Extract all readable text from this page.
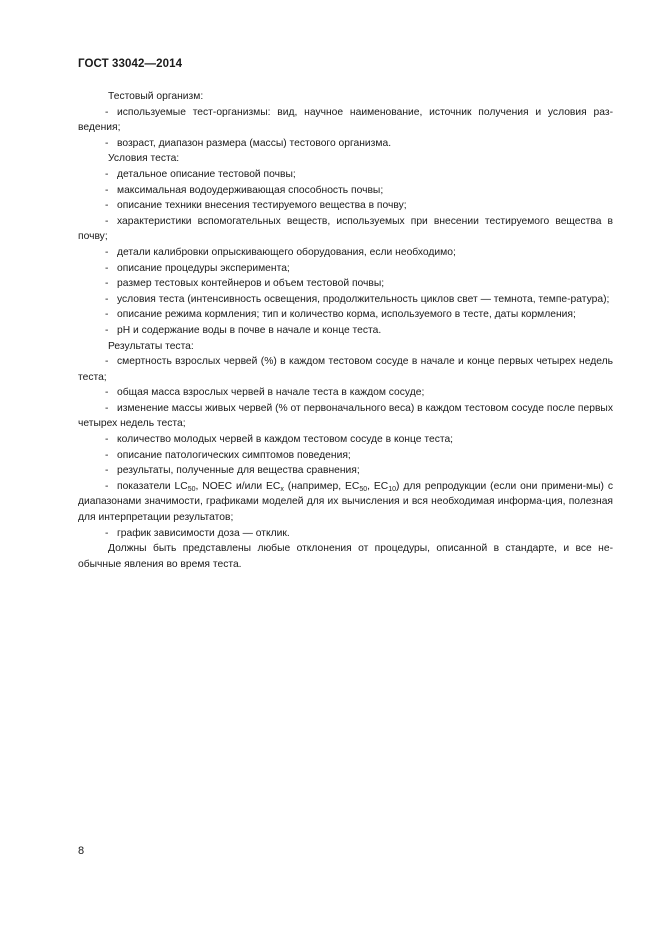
ГОСТ 33042—2014

Тестовый организм:

- используемые тест-организмы: вид, научное наименование, источник получения и условия раз-ведения;

- возраст, диапазон размера (массы) тестового организма.

Условия теста:

- детальное описание тестовой почвы;

- максимальная водоудерживающая способность почвы;

- описание техники внесения тестируемого вещества в почву;

- характеристики вспомогательных веществ, используемых при внесении тестируемого вещества в почву;

- детали калибровки опрыскивающего оборудования, если необходимо;

- описание процедуры эксперимента;

- размер тестовых контейнеров и объем тестовой почвы;

- условия теста (интенсивность освещения, продолжительность циклов свет — темнота, темпе-ратура);

- описание режима кормления; тип и количество корма, используемого в тесте, даты кормления;

- pH и содержание воды в почве в начале и конце теста.

Результаты теста:

- смертность взрослых червей (%) в каждом тестовом сосуде в начале и конце первых четырех недель теста;

- общая масса взрослых червей в начале теста в каждом сосуде;

- изменение массы живых червей (% от первоначального веса) в каждом тестовом сосуде после первых четырех недель теста;

- количество молодых червей в каждом тестовом сосуде в конце теста;

- описание патологических симптомов поведения;

- результаты, полученные для вещества сравнения;

- показатели $LC_{50}$, NOEC и/или $EC_x$ (например, $EC_{50}$, $EC_{10}$) для репродукции (если они примени-мы) с диапазонами значимости, графиками моделей для их вычисления и вся необходимая информа-ция, полезная для интерпретации результатов;

- график зависимости доза — отклик.

Должны быть представлены любые отклонения от процедуры, описанной в стандарте, и все не-обычные явления во время теста.

8
